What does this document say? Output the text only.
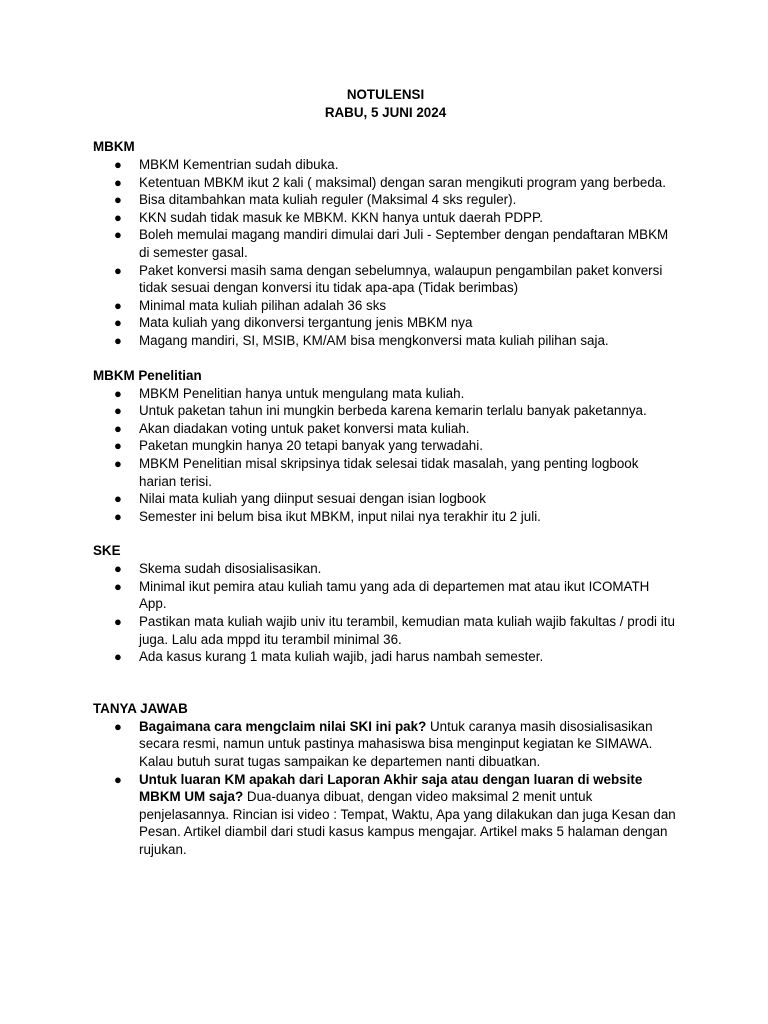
NOTULENSI
RABU, 5 JUNI 2024
MBKM
● MBKM Kementrian sudah dibuka.
● Ketentuan MBKM ikut 2 kali ( maksimal) dengan saran mengikuti program yang berbeda.
● Bisa ditambahkan mata kuliah reguler (Maksimal 4 sks reguler).
● KKN sudah tidak masuk ke MBKM. KKN hanya untuk daerah PDPP.
● Boleh memulai magang mandiri dimulai dari Juli - September dengan pendaftaran MBKM di semester gasal.
● Paket konversi masih sama dengan sebelumnya, walaupun pengambilan paket konversi tidak sesuai dengan konversi itu tidak apa-apa (Tidak berimbas)
● Minimal mata kuliah pilihan adalah 36 sks
● Mata kuliah yang dikonversi tergantung jenis MBKM nya
● Magang mandiri, SI, MSIB, KM/AM bisa mengkonversi mata kuliah pilihan saja.
MBKM Penelitian
● MBKM Penelitian hanya untuk mengulang mata kuliah.
● Untuk paketan tahun ini mungkin berbeda karena kemarin terlalu banyak paketannya.
● Akan diadakan voting untuk paket konversi mata kuliah.
● Paketan mungkin hanya 20 tetapi banyak yang terwadahi.
● MBKM Penelitian misal skripsinya tidak selesai tidak masalah, yang penting logbook harian terisi.
● Nilai mata kuliah yang diinput sesuai dengan isian logbook
● Semester ini belum bisa ikut MBKM, input nilai nya terakhir itu 2 juli.
SKE
● Skema sudah disosialisasikan.
● Minimal ikut pemira atau kuliah tamu yang ada di departemen mat atau ikut ICOMATH App.
● Pastikan mata kuliah wajib univ itu terambil, kemudian mata kuliah wajib fakultas / prodi itu juga. Lalu ada mppd itu terambil minimal 36.
● Ada kasus kurang 1 mata kuliah wajib, jadi harus nambah semester.
TANYA JAWAB
● Bagaimana cara mengclaim nilai SKI ini pak? Untuk caranya masih disosialisasikan secara resmi, namun untuk pastinya mahasiswa bisa menginput kegiatan ke SIMAWA. Kalau butuh surat tugas sampaikan ke departemen nanti dibuatkan.
● Untuk luaran KM apakah dari Laporan Akhir saja atau dengan luaran di website MBKM UM saja? Dua-duanya dibuat, dengan video maksimal 2 menit untuk penjelasannya. Rincian isi video : Tempat, Waktu, Apa yang dilakukan dan juga Kesan dan Pesan. Artikel diambil dari studi kasus kampus mengajar. Artikel maks 5 halaman dengan rujukan.
